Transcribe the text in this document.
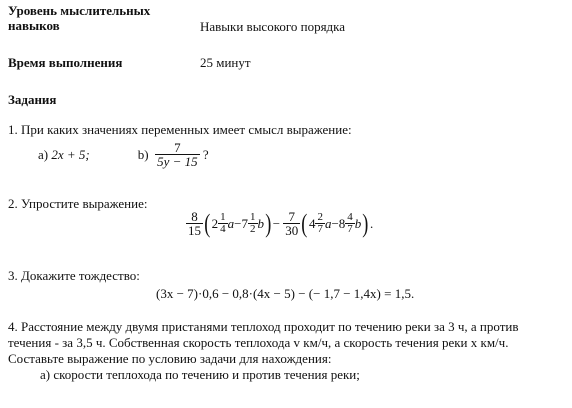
Уровень мыслительных
навыков	Навыки высокого порядка
Время выполнения	25 минут
Задания
1. При каких значениях переменных имеет смысл выражение:
а)
2x + 5;	b)
$\frac{7}{5y - 15}$
?
2. Упростите выражение:
$\frac{8}{15}$ ( $2 \frac{1}{4}$ $a -7 \frac{1}{2}$ b ) −
$\frac{7}{30}$ ( $4 \frac{2}{7}$ $a -8 \frac{4}{7}$ b ) .
3. Докажите тождество:
(3x − 7)·0,6 − 0,8·(4x − 5) − (− 1,7 − 1,4x) = 1,5.
4. Расстояние между двумя пристанями теплоход проходит по течению реки за 3 ч, а против
течения - за 3,5 ч. Собственная скорость теплохода v км/ч, а скорость течения реки x км/ч.
Составьте выражение по условию задачи для нахождения:
а) скорости теплохода по течению и против течения реки;
